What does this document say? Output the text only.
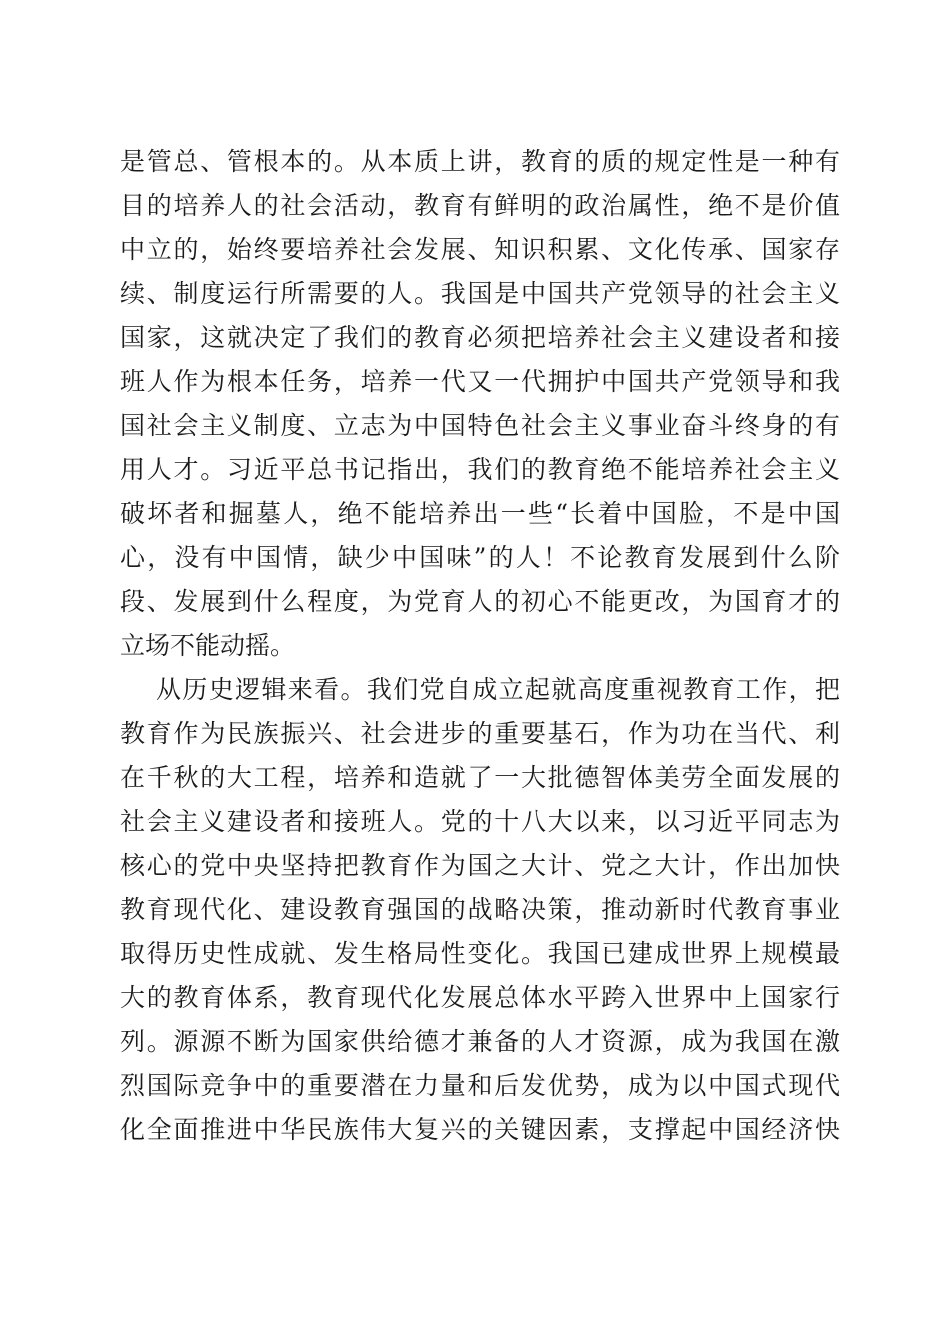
是管总、管根本的。从本质上讲，教育的质的规定性是一种有
目的培养人的社会活动，教育有鲜明的政治属性，绝不是价值
中立的，始终要培养社会发展、知识积累、文化传承、国家存
续、制度运行所需要的人。我国是中国共产党领导的社会主义
国家，这就决定了我们的教育必须把培养社会主义建设者和接
班人作为根本任务，培养一代又一代拥护中国共产党领导和我
国社会主义制度、立志为中国特色社会主义事业奋斗终身的有
用人才。习近平总书记指出，我们的教育绝不能培养社会主义
破坏者和掘墓人，绝不能培养出一些“长着中国脸，不是中国
心，没有中国情，缺少中国味”的人！不论教育发展到什么阶
段、发展到什么程度，为党育人的初心不能更改，为国育才的
立场不能动摇。
从历史逻辑来看。我们党自成立起就高度重视教育工作，把
教育作为民族振兴、社会进步的重要基石，作为功在当代、利
在千秋的大工程，培养和造就了一大批德智体美劳全面发展的
社会主义建设者和接班人。党的十八大以来，以习近平同志为
核心的党中央坚持把教育作为国之大计、党之大计，作出加快
教育现代化、建设教育强国的战略决策，推动新时代教育事业
取得历史性成就、发生格局性变化。我国已建成世界上规模最
大的教育体系，教育现代化发展总体水平跨入世界中上国家行
列。源源不断为国家供给德才兼备的人才资源，成为我国在激
烈国际竞争中的重要潜在力量和后发优势，成为以中国式现代
化全面推进中华民族伟大复兴的关键因素，支撑起中国经济快
